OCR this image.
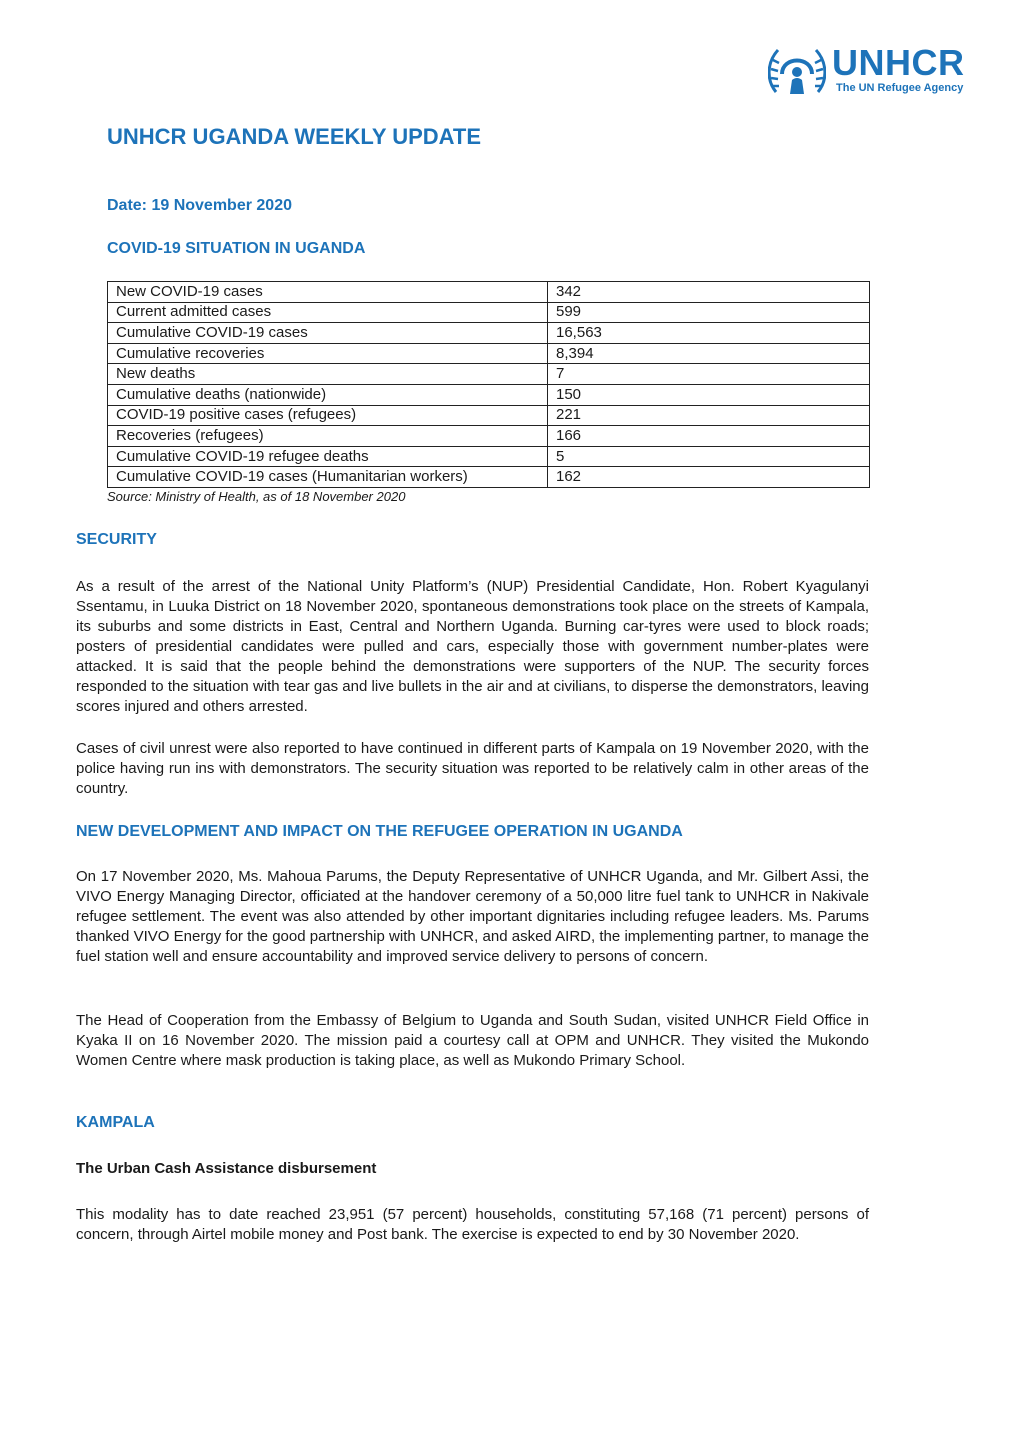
UNHCR
The UN Refugee Agency
UNHCR UGANDA WEEKLY UPDATE

Date: 19 November 2020

COVID-19 SITUATION IN UGANDA
New COVID-19 cases	342
Current admitted cases	599
Cumulative COVID-19 cases	16,563
Cumulative recoveries	8,394
New deaths	7
Cumulative deaths (nationwide)	150
COVID-19 positive cases (refugees)	221
Recoveries (refugees)	166
Cumulative COVID-19 refugee deaths	5
Cumulative COVID-19 cases (Humanitarian workers)	162
Source: Ministry of Health, as of 18 November 2020
SECURITY

As a result of the arrest of the National Unity Platform’s (NUP) Presidential Candidate, Hon. Robert Kyagulanyi Ssentamu, in Luuka District on 18 November 2020, spontaneous demonstrations took place on the streets of Kampala, its suburbs and some districts in East, Central and Northern Uganda. Burning car-tyres were used to block roads; posters of presidential candidates were pulled and cars, especially those with government number-plates were attacked. It is said that the people behind the demonstrations were supporters of the NUP. The security forces responded to the situation with tear gas and live bullets in the air and at civilians, to disperse the demonstrators, leaving scores injured and others arrested.

Cases of civil unrest were also reported to have continued in different parts of Kampala on 19 November 2020, with the police having run ins with demonstrators. The security situation was reported to be relatively calm in other areas of the country.

NEW DEVELOPMENT AND IMPACT ON THE REFUGEE OPERATION IN UGANDA

On 17 November 2020, Ms. Mahoua Parums, the Deputy Representative of UNHCR Uganda, and Mr. Gilbert Assi, the VIVO Energy Managing Director, officiated at the handover ceremony of a 50,000 litre fuel tank to UNHCR in Nakivale refugee settlement. The event was also attended by other important dignitaries including refugee leaders. Ms. Parums thanked VIVO Energy for the good partnership with UNHCR, and asked AIRD, the implementing partner, to manage the fuel station well and ensure accountability and improved service delivery to persons of concern.

The Head of Cooperation from the Embassy of Belgium to Uganda and South Sudan, visited UNHCR Field Office in Kyaka II on 16 November 2020. The mission paid a courtesy call at OPM and UNHCR. They visited the Mukondo Women Centre where mask production is taking place, as well as Mukondo Primary School.

KAMPALA

The Urban Cash Assistance disbursement

This modality has to date reached 23,951 (57 percent) households, constituting 57,168 (71 percent) persons of concern, through Airtel mobile money and Post bank. The exercise is expected to end by 30 November 2020.
